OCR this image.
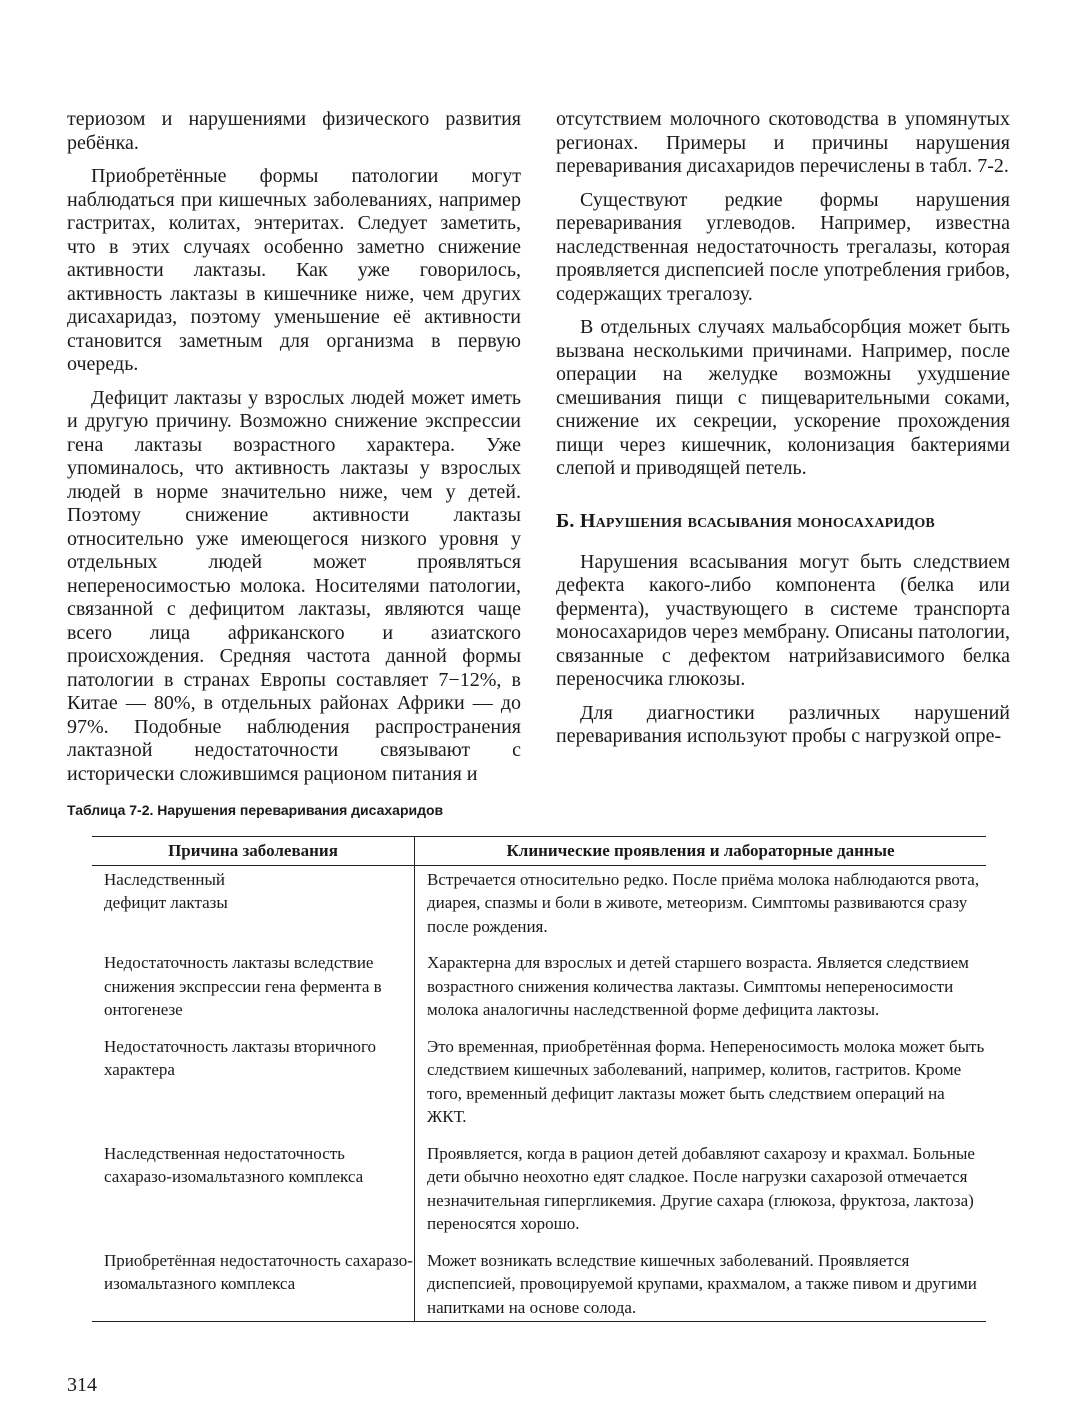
териозом и нарушениями физического развития ребёнка.

Приобретённые формы патологии могут наблюдаться при кишечных заболеваниях, например гастритах, колитах, энтеритах. Следует заметить, что в этих случаях особенно заметно снижение активности лактазы. Как уже говорилось, активность лактазы в кишечнике ниже, чем других дисахаридаз, поэтому уменьшение её активности становится заметным для организма в первую очередь.

Дефицит лактазы у взрослых людей может иметь и другую причину. Возможно снижение экспрессии гена лактазы возрастного характера. Уже упоминалось, что активность лактазы у взрослых людей в норме значительно ниже, чем у детей. Поэтому снижение активности лактазы относительно уже имеющегося низкого уровня у отдельных людей может проявляться непереносимостью молока. Носителями патологии, связанной с дефицитом лактазы, являются чаще всего лица африканского и азиатского происхождения. Средняя частота данной формы патологии в странах Европы составляет 7−12%, в Китае — 80%, в отдельных районах Африки — до 97%. Подобные наблюдения распространения лактазной недостаточности связывают с исторически сложившимся рационом питания и

отсутствием молочного скотоводства в упомянутых регионах. Примеры и причины нарушения переваривания дисахаридов перечислены в табл. 7-2.

Существуют редкие формы нарушения переваривания углеводов. Например, известна наследственная недостаточность трегалазы, которая проявляется диспепсией после употребления грибов, содержащих трегалозу.

В отдельных случаях мальабсорбция может быть вызвана несколькими причинами. Например, после операции на желудке возможны ухудшение смешивания пищи с пищеварительными соками, снижение их секреции, ускорение прохождения пищи через кишечник, колонизация бактериями слепой и приводящей петель.

Б. Нарушения всасывания моносахаридов

Нарушения всасывания могут быть следствием дефекта какого-либо компонента (белка или фермента), участвующего в системе транспорта моносахаридов через мембрану. Описаны патологии, связанные с дефектом натрийзависимого белка переносчика глюкозы.

Для диагностики различных нарушений переваривания используют пробы с нагрузкой опре-

Таблица 7-2. Нарушения переваривания дисахаридов
Причина заболевания	Клинические проявления и лабораторные данные
Наследственный
дефицит лактазы	Встречается относительно редко. После приёма молока наблюдаются рвота, диарея, спазмы и боли в животе, метеоризм. Симптомы развиваются сразу после рождения.
Недостаточность лактазы вследствие снижения экспрессии гена фермента в онтогенезе	Характерна для взрослых и детей старшего возраста. Является следствием возрастного снижения количества лактазы. Симптомы непереносимости молока аналогичны наследственной форме дефицита лактозы.
Недостаточность лактазы вторичного характера	Это временная, приобретённая форма. Непереносимость молока может быть следствием кишечных заболеваний, например, колитов, гастритов. Кроме того, временный дефицит лактазы может быть следствием операций на ЖКТ.
Наследственная недостаточность сахаразо-изомальтазного комплекса	Проявляется, когда в рацион детей добавляют сахарозу и крахмал. Больные дети обычно неохотно едят сладкое. После нагрузки сахарозой отмечается незначительная гипергликемия. Другие сахара (глюкоза, фруктоза, лактоза) переносятся хорошо.
Приобретённая недостаточность сахаразо-изомальтазного комплекса	Может возникать вследствие кишечных заболеваний. Проявляется диспепсией, провоцируемой крупами, крахмалом, а также пивом и другими напитками на основе солода.
314
